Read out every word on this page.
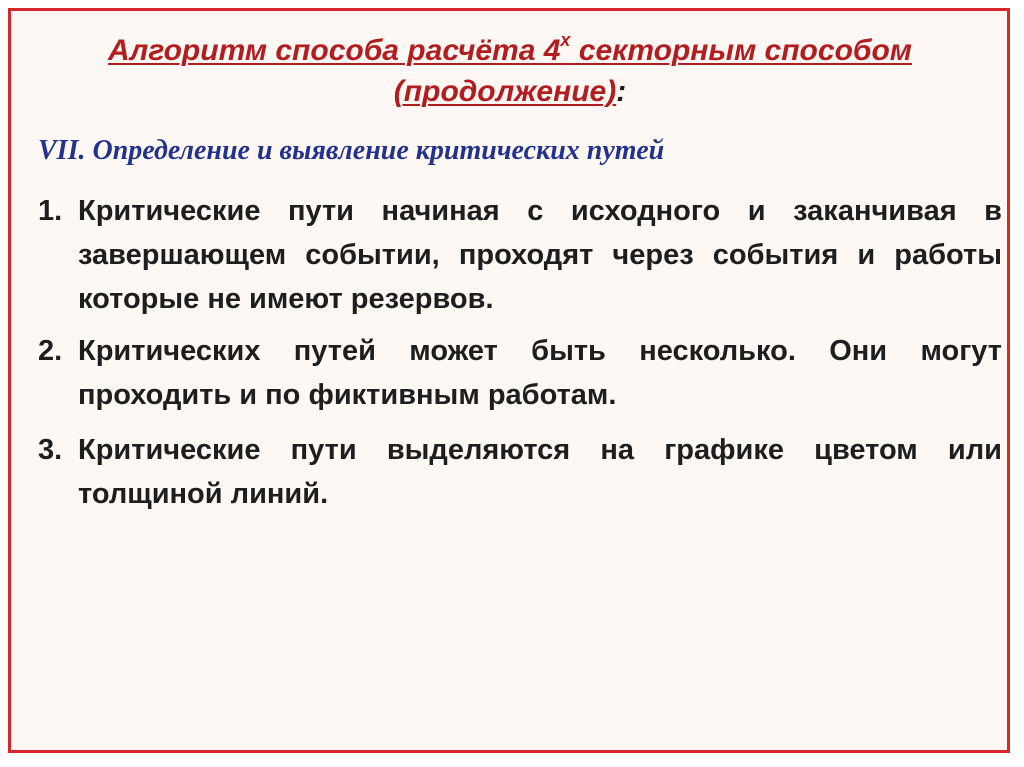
Алгоритм способа расчёта $4^х$ секторным способом
(продолжение):
VII. Определение и выявление критических путей
1. Критические пути начиная с исходного и заканчивая в завершающем событии, проходят через события и работы которые не имеют резервов.
2. Критических путей может быть несколько. Они могут проходить и по фиктивным работам.
3. Критические пути выделяются на графике цветом или толщиной линий.
